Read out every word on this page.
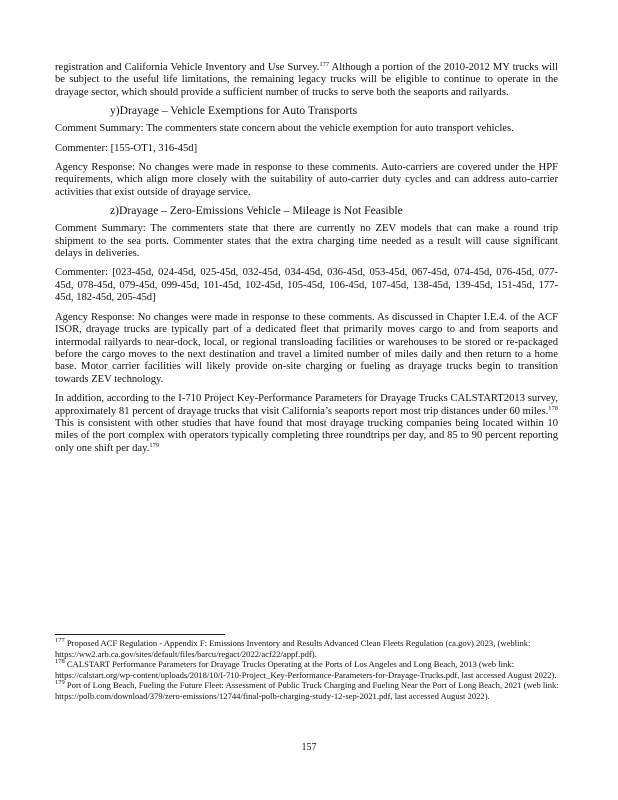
registration and California Vehicle Inventory and Use Survey.$^{177}$ Although a portion of the 2010-2012 MY trucks will be subject to the useful life limitations, the remaining legacy trucks will be eligible to continue to operate in the drayage sector, which should provide a sufficient number of trucks to serve both the seaports and railyards.

y)Drayage – Vehicle Exemptions for Auto Transports

Comment Summary: The commenters state concern about the vehicle exemption for auto transport vehicles.

Commenter: [155-OT1, 316-45d]

Agency Response: No changes were made in response to these comments. Auto-carriers are covered under the HPF requirements, which align more closely with the suitability of auto-carrier duty cycles and can address auto-carrier activities that exist outside of drayage service.

z)Drayage – Zero-Emissions Vehicle – Mileage is Not Feasible

Comment Summary: The commenters state that there are currently no ZEV models that can make a round trip shipment to the sea ports. Commenter states that the extra charging time needed as a result will cause significant delays in deliveries.

Commenter: [023-45d, 024-45d, 025-45d, 032-45d, 034-45d, 036-45d, 053-45d, 067-45d, 074-45d, 076-45d, 077-45d, 078-45d, 079-45d, 099-45d, 101-45d, 102-45d, 105-45d, 106-45d, 107-45d, 138-45d, 139-45d, 151-45d, 177-45d, 182-45d, 205-45d]

Agency Response: No changes were made in response to these comments. As discussed in Chapter I.E.4. of the ACF ISOR, drayage trucks are typically part of a dedicated fleet that primarily moves cargo to and from seaports and intermodal railyards to near-dock, local, or regional transloading facilities or warehouses to be stored or re-packaged before the cargo moves to the next destination and travel a limited number of miles daily and then return to a home base. Motor carrier facilities will likely provide on-site charging or fueling as drayage trucks begin to transition towards ZEV technology.

In addition, according to the I-710 Project Key-Performance Parameters for Drayage Trucks CALSTART2013 survey, approximately 81 percent of drayage trucks that visit California’s seaports report most trip distances under 60 miles.$^{178}$ This is consistent with other studies that have found that most drayage trucking companies being located within 10 miles of the port complex with operators typically completing three roundtrips per day, and 85 to 90 percent reporting only one shift per day.$^{179}$

$^{177}$ Proposed ACF Regulation - Appendix F: Emissions Inventory and Results Advanced Clean Fleets Regulation (ca.gov) 2023, (weblink: https://ww2.arb.ca.gov/sites/default/files/barcu/regact/2022/acf22/appf.pdf).

$^{178}$ CALSTART Performance Parameters for Drayage Trucks Operating at the Ports of Los Angeles and Long Beach, 2013 (web link: https://calstart.org/wp-content/uploads/2018/10/I-710-Project_Key-Performance-Parameters-for-Drayage-Trucks.pdf, last accessed August 2022).

$^{179}$ Port of Long Beach, Fueling the Future Fleet: Assessment of Public Truck Charging and Fueling Near the Port of Long Beach, 2021 (web link: https://polb.com/download/379/zero-emissions/12744/final-polb-charging-study-12-sep-2021.pdf, last accessed August 2022).

157
